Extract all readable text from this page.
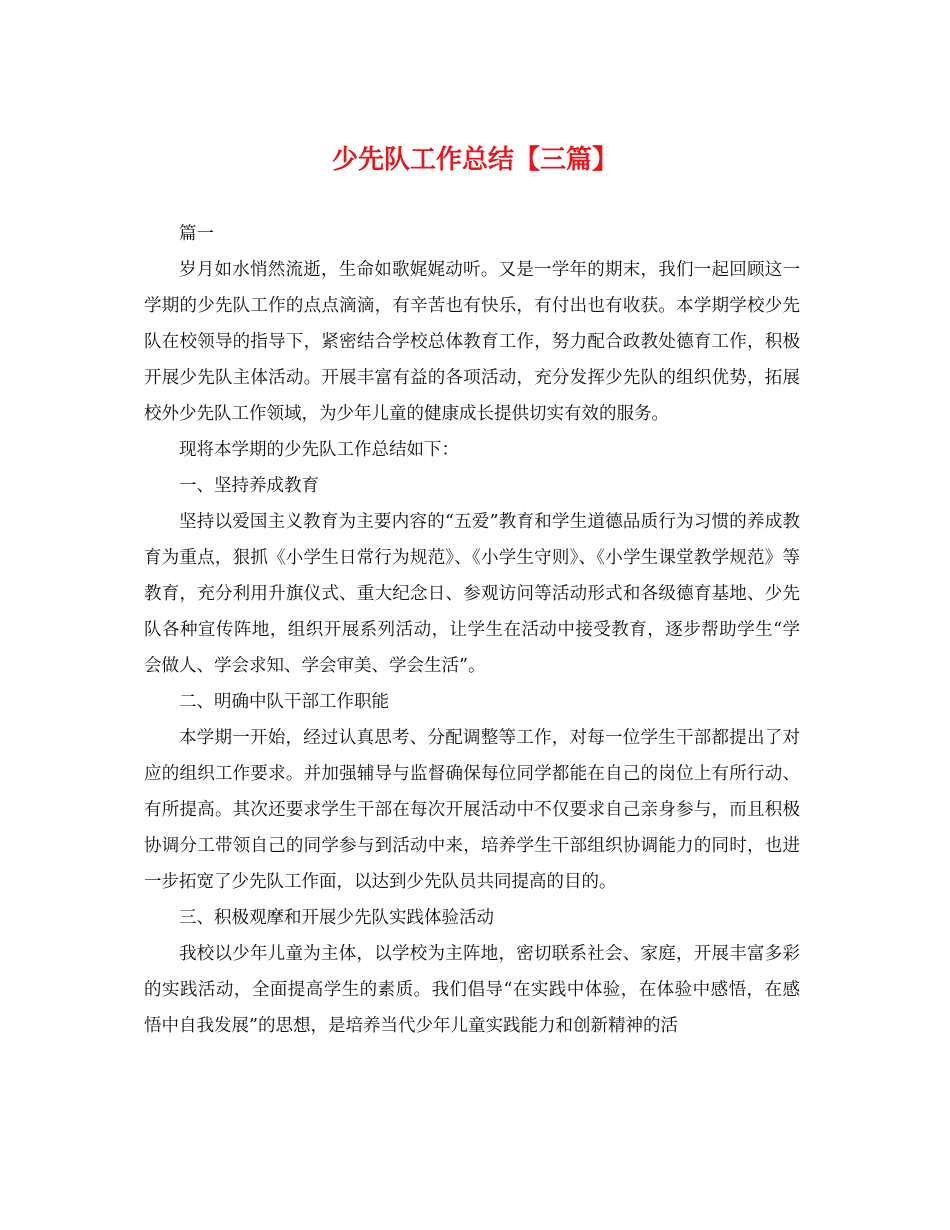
少先队工作总结【三篇】

篇一

岁月如水悄然流逝，生命如歌娓娓动听。又是一学年的期末，我们一起回顾这一学期的少先队工作的点点滴滴，有辛苦也有快乐，有付出也有收获。本学期学校少先队在校领导的指导下，紧密结合学校总体教育工作，努力配合政教处德育工作，积极开展少先队主体活动。开展丰富有益的各项活动，充分发挥少先队的组织优势，拓展校外少先队工作领域，为少年儿童的健康成长提供切实有效的服务。

现将本学期的少先队工作总结如下：

一、坚持养成教育

坚持以爱国主义教育为主要内容的“五爱”教育和学生道德品质行为习惯的养成教育为重点，狠抓《小学生日常行为规范》、《小学生守则》、《小学生课堂教学规范》等教育，充分利用升旗仪式、重大纪念日、参观访问等活动形式和各级德育基地、少先队各种宣传阵地，组织开展系列活动，让学生在活动中接受教育，逐步帮助学生“学会做人、学会求知、学会审美、学会生活”。

二、明确中队干部工作职能

本学期一开始，经过认真思考、分配调整等工作，对每一位学生干部都提出了对应的组织工作要求。并加强辅导与监督确保每位同学都能在自己的岗位上有所行动、有所提高。其次还要求学生干部在每次开展活动中不仅要求自己亲身参与，而且积极协调分工带领自己的同学参与到活动中来，培养学生干部组织协调能力的同时，也进一步拓宽了少先队工作面，以达到少先队员共同提高的目的。

三、积极观摩和开展少先队实践体验活动

我校以少年儿童为主体，以学校为主阵地，密切联系社会、家庭，开展丰富多彩的实践活动，全面提高学生的素质。我们倡导“在实践中体验，在体验中感悟，在感悟中自我发展”的思想，是培养当代少年儿童实践能力和创新精神的活
